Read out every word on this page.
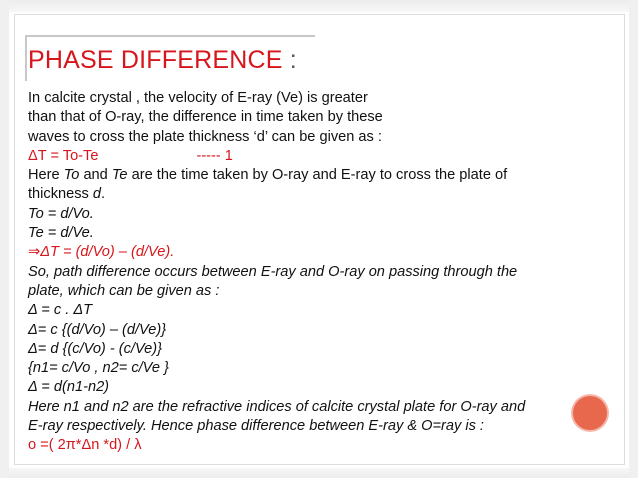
PHASE DIFFERENCE :
In calcite crystal , the velocity of E-ray (Ve) is greater
than that of O-ray, the difference in time taken by these
waves to cross the plate thickness ‘d’ can be given as :
ΔT = To-Te	----- 1
Here To and Te are the time taken by O-ray and E-ray to cross the plate of
thickness d.
To = d/Vo.
Te = d/Ve.
⇒ΔT = (d/Vo) – (d/Ve).
So, path difference occurs between E-ray and O-ray on passing through the
plate, which can be given as :
Δ = c . ΔT
Δ= c {(d/Vo) – (d/Ve)}
Δ= d {(c/Vo) - (c/Ve)}
{n1= c/Vo , n2= c/Ve }
Δ = d(n1-n2)
Here n1 and n2 are the refractive indices of calcite crystal plate for O-ray and
E-ray respectively. Hence phase difference between E-ray & O=ray is :
o =( 2π*Δn *d) / λ
